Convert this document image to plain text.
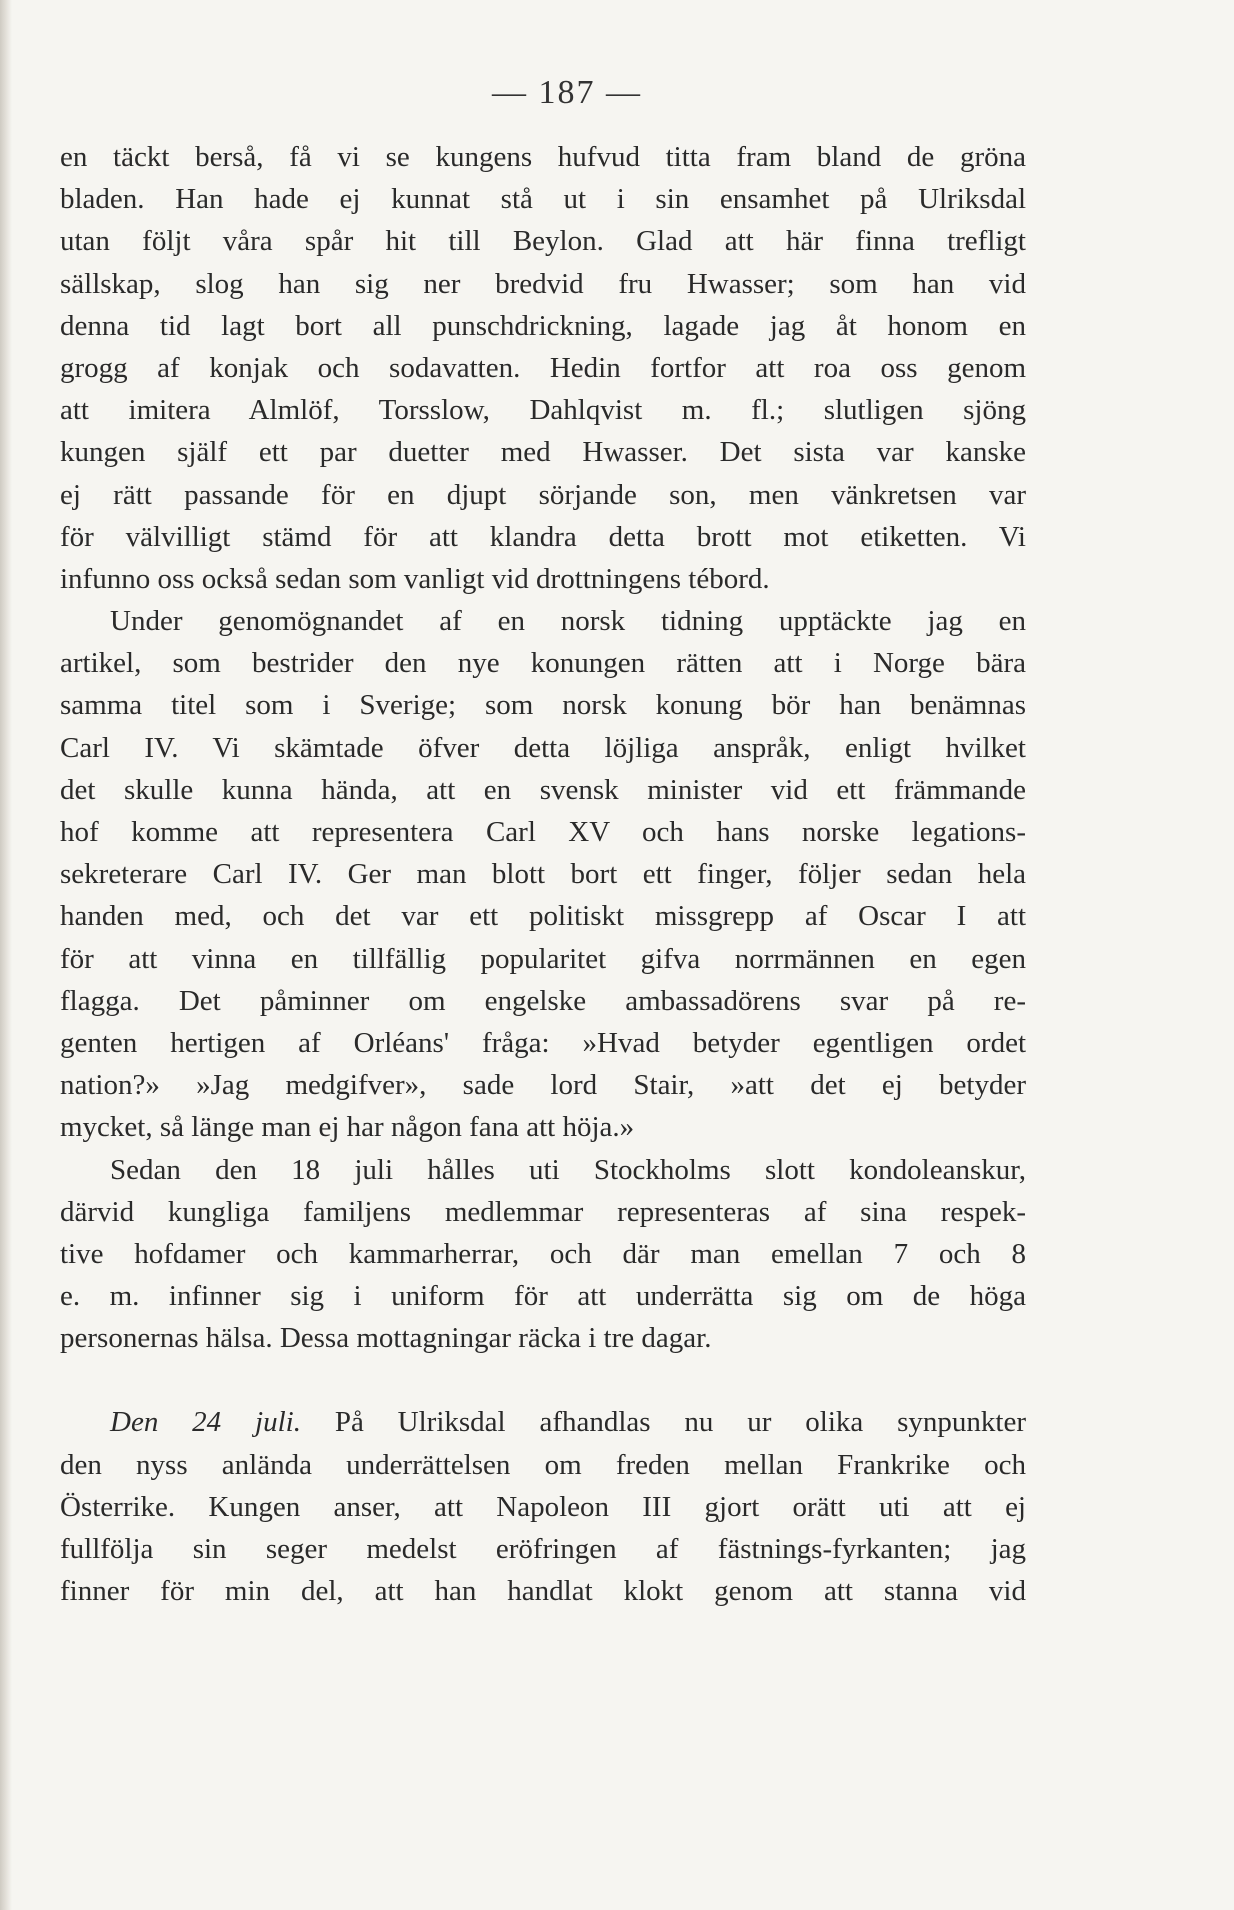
— 187 —
en täckt berså, få vi se kungens hufvud titta fram bland de gröna
bladen. Han hade ej kunnat stå ut i sin ensamhet på Ulriksdal
utan följt våra spår hit till Beylon. Glad att här finna trefligt
sällskap, slog han sig ner bredvid fru Hwasser; som han vid
denna tid lagt bort all punschdrickning, lagade jag åt honom en
grogg af konjak och sodavatten. Hedin fortfor att roa oss genom
att imitera Almlöf, Torsslow, Dahlqvist m. fl.; slutligen sjöng
kungen själf ett par duetter med Hwasser. Det sista var kanske
ej rätt passande för en djupt sörjande son, men vänkretsen var
för välvilligt stämd för att klandra detta brott mot etiketten. Vi
infunno oss också sedan som vanligt vid drottningens tébord.
Under genomögnandet af en norsk tidning upptäckte jag en
artikel, som bestrider den nye konungen rätten att i Norge bära
samma titel som i Sverige; som norsk konung bör han benämnas
Carl IV. Vi skämtade öfver detta löjliga anspråk, enligt hvilket
det skulle kunna hända, att en svensk minister vid ett främmande
hof komme att representera Carl XV och hans norske legations-
sekreterare Carl IV. Ger man blott bort ett finger, följer sedan hela
handen med, och det var ett politiskt missgrepp af Oscar I att
för att vinna en tillfällig popularitet gifva norrmännen en egen
flagga. Det påminner om engelske ambassadörens svar på re-
genten hertigen af Orléans' fråga: »Hvad betyder egentligen ordet
nation?» »Jag medgifver», sade lord Stair, »att det ej betyder
mycket, så länge man ej har någon fana att höja.»
Sedan den 18 juli hålles uti Stockholms slott kondoleanskur,
därvid kungliga familjens medlemmar representeras af sina respek-
tive hofdamer och kammarherrar, och där man emellan 7 och 8
e. m. infinner sig i uniform för att underrätta sig om de höga
personernas hälsa. Dessa mottagningar räcka i tre dagar.
Den 24 juli. På Ulriksdal afhandlas nu ur olika synpunkter
den nyss anlända underrättelsen om freden mellan Frankrike och
Österrike. Kungen anser, att Napoleon III gjort orätt uti att ej
fullfölja sin seger medelst eröfringen af fästnings-fyrkanten; jag
finner för min del, att han handlat klokt genom att stanna vid
